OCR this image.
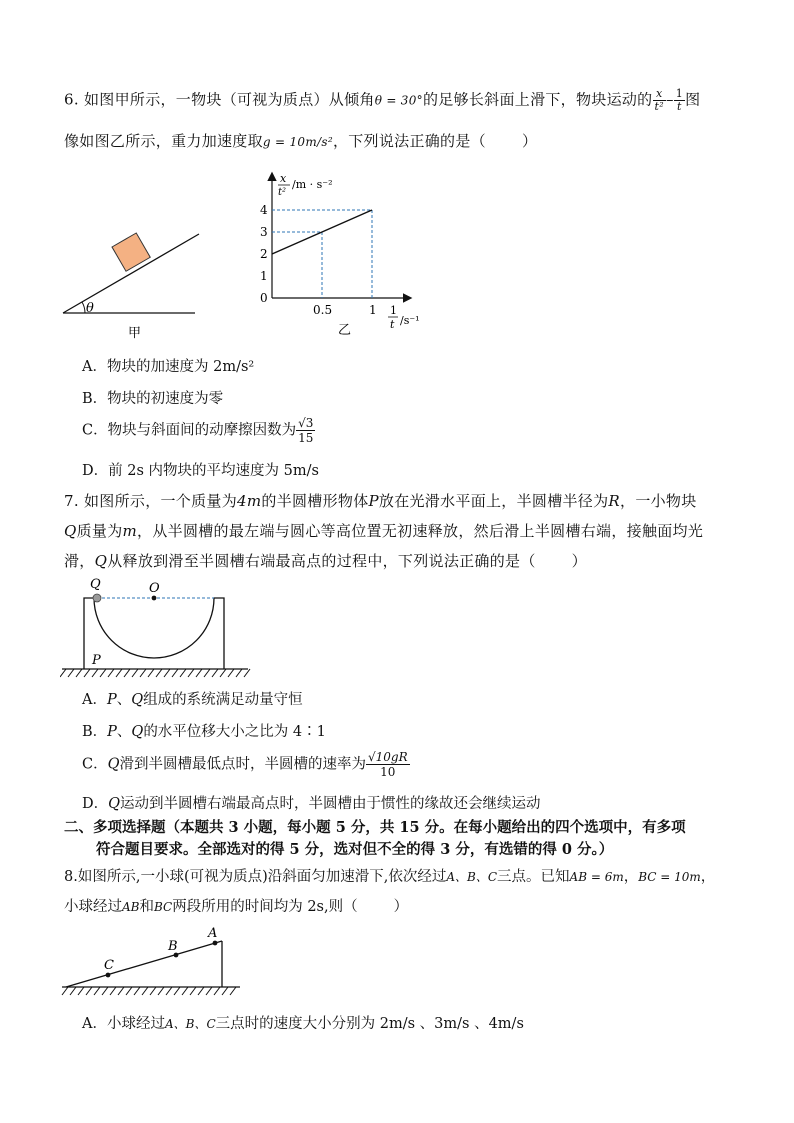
6. 如图甲所示，一物块（可视为质点）从倾角θ = 30°的足够长斜面上滑下，物块运动的 $\frac{x}{\text{t²}} - \frac{1}{t}$ 图
像如图乙所示，重力加速度取g = 10m/s²，下列说法正确的是（ ）
θ
甲
4
3
2
1
0
0.5	1
x
t²
/m · s⁻²
1
t /s⁻¹
乙
A．物块的加速度为 2m/s²
B．物块的初速度为零
C．物块与斜面间的动摩擦因数为 $\frac{√3}{15}$
D．前 2s 内物块的平均速度为 5m/s
7. 如图所示，一个质量为4m的半圆槽形物体P放在光滑水平面上，半圆槽半径为R，一小物块
Q质量为m，从半圆槽的最左端与圆心等高位置无初速释放，然后滑上半圆槽右端，接触面均光
滑，Q从释放到滑至半圆槽右端最高点的过程中，下列说法正确的是（ ）
Q	O
P
A．P、Q组成的系统满足动量守恒
B．P、Q的水平位移大小之比为 4∶1
C．Q滑到半圆槽最低点时，半圆槽的速率为 $\frac{√10gR}{10}$
D．Q运动到半圆槽右端最高点时，半圆槽由于惯性的缘故还会继续运动
二、多项选择题（本题共 3 小题，每小题 5 分，共 15 分。在每小题给出的四个选项中，有多项
符合题目要求。全部选对的得 5 分，选对但不全的得 3 分，有选错的得 0 分。）
8.如图所示,一小球(可视为质点)沿斜面匀加速滑下,依次经过A、B、C三点。已知AB = 6m，BC = 10m，
小球经过AB和BC两段所用的时间均为 2s,则（ ）
C
B
A
A．小球经过A、B、C三点时的速度大小分别为 2m/s 、3m/s 、4m/s
